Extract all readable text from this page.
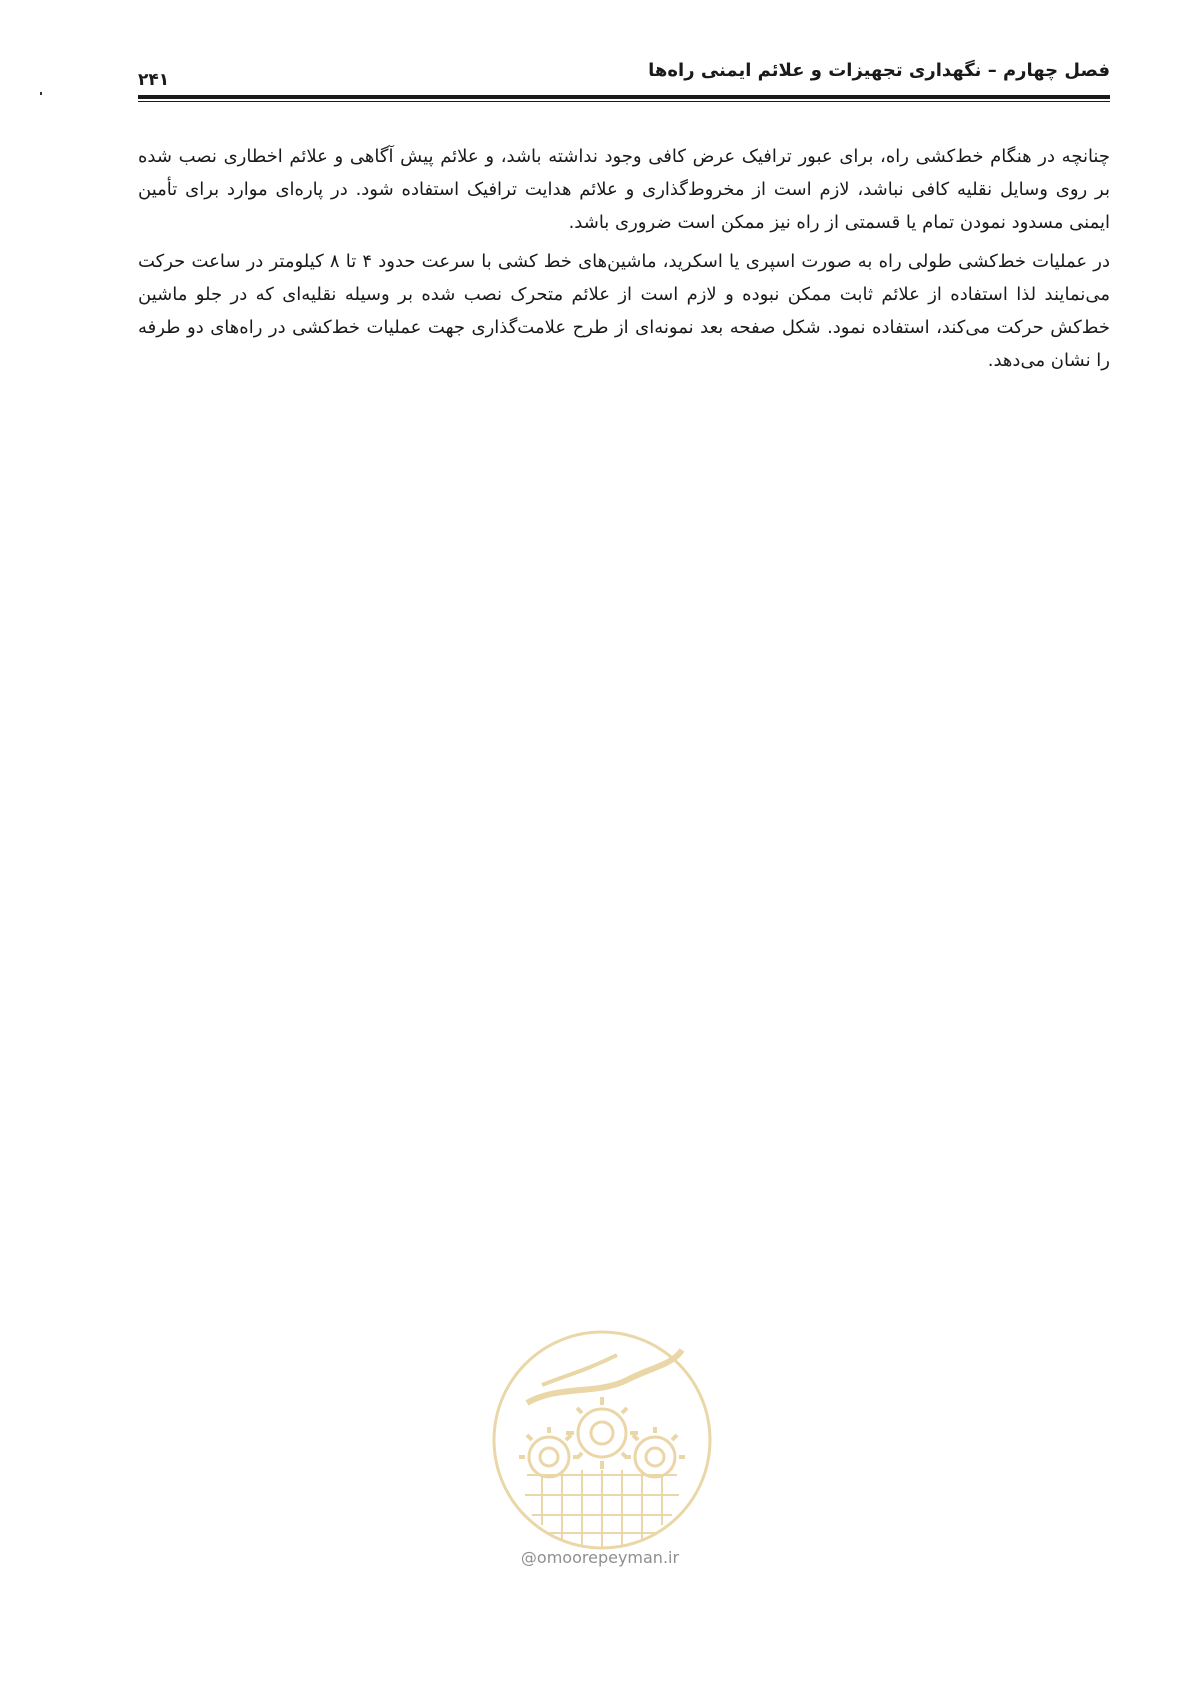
فصل چهارم – نگهداری تجهیزات و علائم ایمنی راه‌ها
۲۴۱

چنانچه در هنگام خط‌کشی راه، برای عبور ترافیک عرض کافی وجود نداشته باشد، و علائم پیش آگاهی و علائم اخطاری نصب شده بر روی وسایل نقلیه کافی نباشد، لازم است از مخروط‌گذاری و علائم هدایت ترافیک استفاده شود. در پاره‌ای موارد برای تأمین ایمنی مسدود نمودن تمام یا قسمتی از راه نیز ممکن است ضروری باشد.

در عملیات خط‌کشی طولی راه به صورت اسپری یا اسکرید، ماشین‌های خط کشی با سرعت حدود ۴ تا ۸ کیلومتر در ساعت حرکت می‌نمایند لذا استفاده از علائم ثابت ممکن نبوده و لازم است از علائم متحرک نصب شده بر وسیله نقلیه‌ای که در جلو ماشین خط‌کش حرکت می‌کند، استفاده نمود. شکل صفحه بعد نمونه‌ای از طرح علامت‌گذاری جهت عملیات خط‌کشی در راه‌های دو طرفه را نشان می‌دهد.

@omoorepeyman.ir
